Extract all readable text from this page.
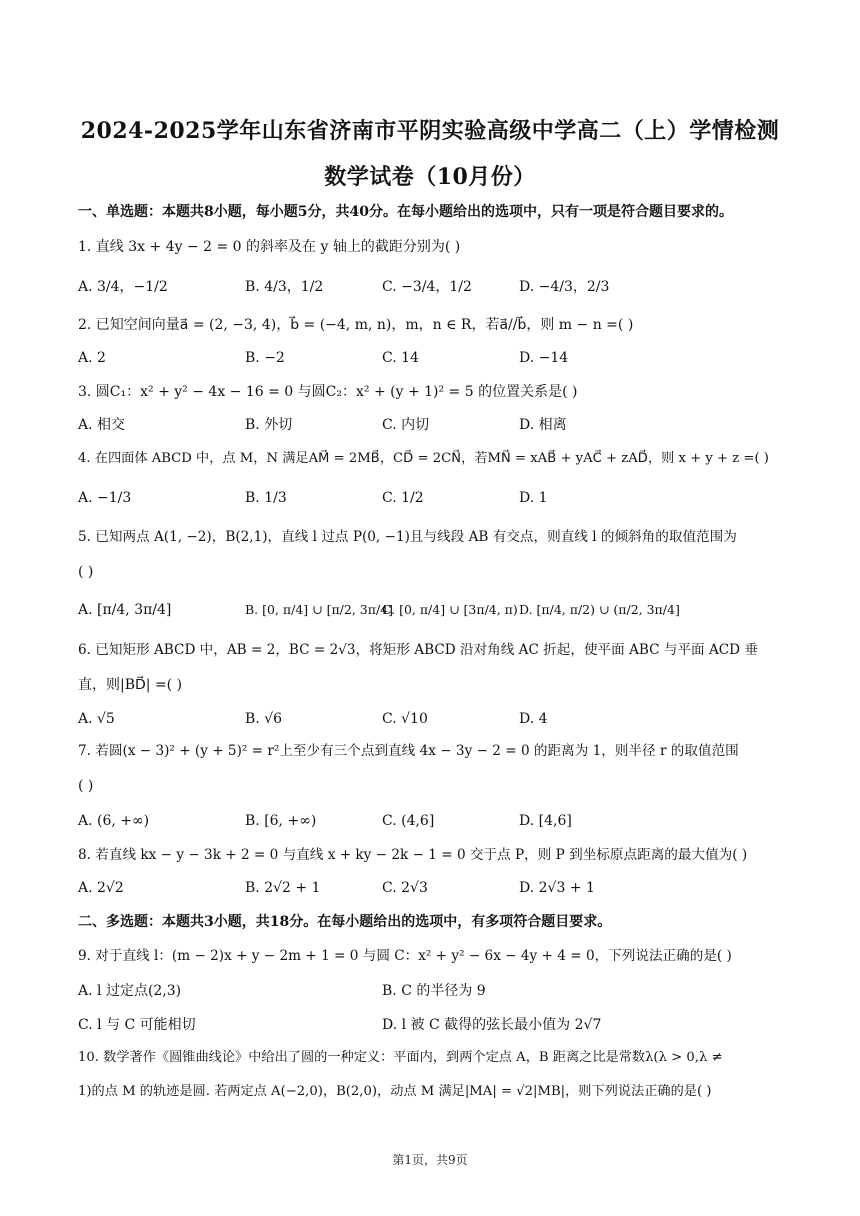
2024-2025学年山东省济南市平阴实验高级中学高二（上）学情检测
数学试卷（10月份）
一、单选题：本题共8小题，每小题5分，共40分。在每小题给出的选项中，只有一项是符合题目要求的。
1. 直线 3x + 4y − 2 = 0 的斜率及在 y 轴上的截距分别为( )
A. 3/4，−1/2	B. 4/3，1/2	C. −3/4，1/2	D. −4/3，2/3
2. 已知空间向量a⃗ = (2, −3, 4)，b⃗ = (−4, m, n)，m，n ∈ R，若a⃗//b⃗，则 m − n =( )
A. 2	B. −2	C. 14	D. −14
3. 圆C₁：x² + y² − 4x − 16 = 0 与圆C₂：x² + (y + 1)² = 5 的位置关系是( )
A. 相交	B. 外切	C. 内切	D. 相离
4. 在四面体 ABCD 中，点 M，N 满足AM⃗ = 2MB⃗，CD⃗ = 2CN⃗，若MN⃗ = xAB⃗ + yAC⃗ + zAD⃗，则 x + y + z =( )
A. −1/3	B. 1/3	C. 1/2	D. 1
5. 已知两点 A(1, −2)，B(2,1)，直线 l 过点 P(0, −1)且与线段 AB 有交点，则直线 l 的倾斜角的取值范围为
( )
A. [π/4, 3π/4]	B. [0, π/4] ∪ [π/2, 3π/4]
C. [0, π/4] ∪ [3π/4, π) D. [π/4, π/2) ∪ (π/2, 3π/4]
6. 已知矩形 ABCD 中，AB = 2，BC = 2√3，将矩形 ABCD 沿对角线 AC 折起，使平面 ABC 与平面 ACD 垂
直，则|BD⃗| =( )
A. √5	B. √6	C. √10	D. 4
7. 若圆(x − 3)² + (y + 5)² = r²上至少有三个点到直线 4x − 3y − 2 = 0 的距离为 1，则半径 r 的取值范围
( )
A. (6, +∞)	B. [6, +∞)	C. (4,6]	D. [4,6]
8. 若直线 kx − y − 3k + 2 = 0 与直线 x + ky − 2k − 1 = 0 交于点 P，则 P 到坐标原点距离的最大值为( )
A. 2√2	B. 2√2 + 1	C. 2√3	D. 2√3 + 1
二、多选题：本题共3小题，共18分。在每小题给出的选项中，有多项符合题目要求。
9. 对于直线 l：(m − 2)x + y − 2m + 1 = 0 与圆 C：x² + y² − 6x − 4y + 4 = 0，下列说法正确的是( )
A. l 过定点(2,3)	B. C 的半径为 9
C. l 与 C 可能相切	D. l 被 C 截得的弦长最小值为 2√7
10. 数学著作《圆锥曲线论》中给出了圆的一种定义：平面内，到两个定点 A，B 距离之比是常数λ(λ > 0,λ ≠
1)的点 M 的轨迹是圆. 若两定点 A(−2,0)，B(2,0)，动点 M 满足|MA| = √2|MB|，则下列说法正确的是( )
第1页，共9页
